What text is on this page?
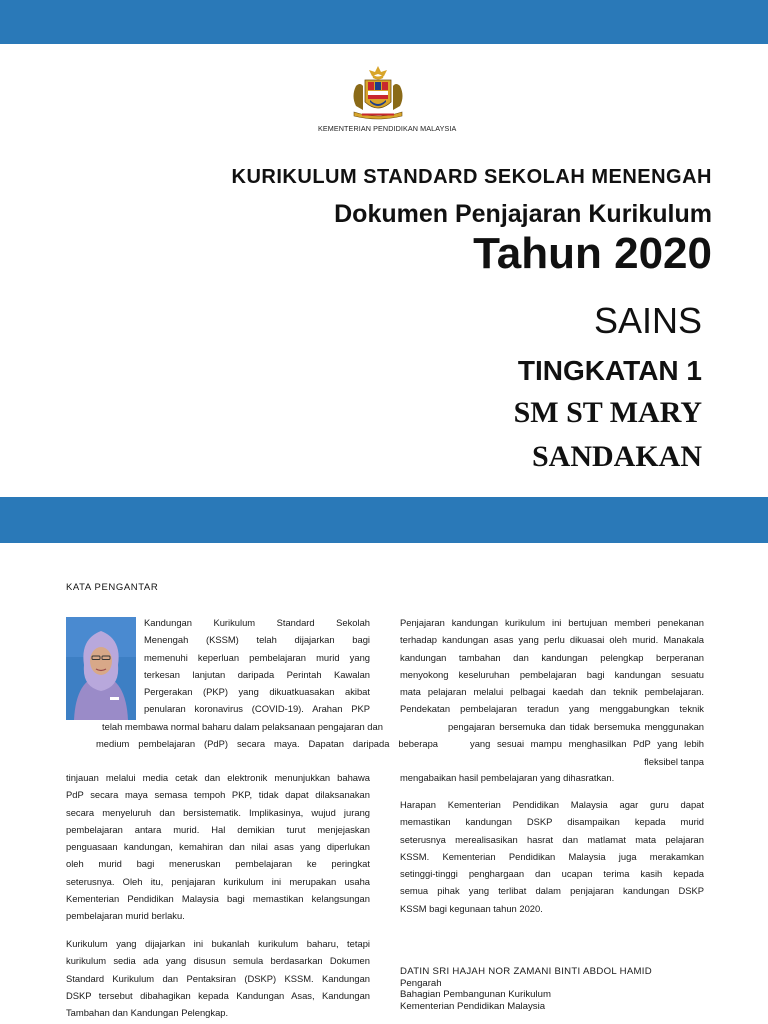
KEMENTERIAN PENDIDIKAN MALAYSIA
KURIKULUM STANDARD SEKOLAH MENENGAH
Dokumen Penjajaran Kurikulum
Tahun 2020
SAINS
TINGKATAN 1
SM ST MARY
SANDAKAN
KATA PENGANTAR
Kandungan Kurikulum Standard Sekolah
Menengah (KSSM) telah dijajarkan bagi
memenuhi keperluan pembelajaran murid yang
terkesan lanjutan daripada Perintah Kawalan
Pergerakan (PKP) yang dikuatkuasakan akibat
penularan koronavirus (COVID-19). Arahan PKP
telah membawa normal baharu dalam pelaksanaan pengajaran dan
medium pembelajaran (PdP) secara maya. Dapatan daripada beberapa
tinjauan melalui media cetak dan elektronik menunjukkan bahawa
PdP secara maya semasa tempoh PKP, tidak dapat dilaksanakan
secara menyeluruh dan bersistematik. Implikasinya, wujud jurang
pembelajaran antara murid. Hal demikian turut menjejaskan
penguasaan kandungan, kemahiran dan nilai asas yang diperlukan
oleh murid bagi meneruskan pembelajaran ke peringkat
seterusnya. Oleh itu, penjajaran kurikulum ini merupakan usaha
Kementerian Pendidikan Malaysia bagi memastikan kelangsungan
pembelajaran murid berlaku.
Kurikulum yang dijajarkan ini bukanlah kurikulum baharu, tetapi
kurikulum sedia ada yang disusun semula berdasarkan Dokumen
Standard Kurikulum dan Pentaksiran (DSKP) KSSM. Kandungan
DSKP tersebut dibahagikan kepada Kandungan Asas, Kandungan
Tambahan dan Kandungan Pelengkap.
Penjajaran kandungan kurikulum ini bertujuan memberi penekanan
terhadap kandungan asas yang perlu dikuasai oleh murid. Manakala
kandungan tambahan dan kandungan pelengkap berperanan
menyokong keseluruhan pembelajaran bagi kandungan sesuatu
mata pelajaran melalui pelbagai kaedah dan teknik pembelajaran.
Pendekatan pembelajaran teradun yang menggabungkan teknik
pengajaran bersemuka dan tidak bersemuka menggunakan
yang sesuai mampu menghasilkan PdP yang lebih
fleksibel tanpa
mengabaikan hasil pembelajaran yang dihasratkan.
Harapan Kementerian Pendidikan Malaysia agar guru dapat
memastikan kandungan DSKP disampaikan kepada murid
seterusnya merealisasikan hasrat dan matlamat mata pelajaran
KSSM. Kementerian Pendidikan Malaysia juga merakamkan
setinggi-tinggi penghargaan dan ucapan terima kasih kepada
semua pihak yang terlibat dalam penjajaran kandungan DSKP
KSSM bagi kegunaan tahun 2020.
DATIN SRI HAJAH NOR ZAMANI BINTI ABDOL HAMID
Pengarah
Bahagian Pembangunan Kurikulum
Kementerian Pendidikan Malaysia
